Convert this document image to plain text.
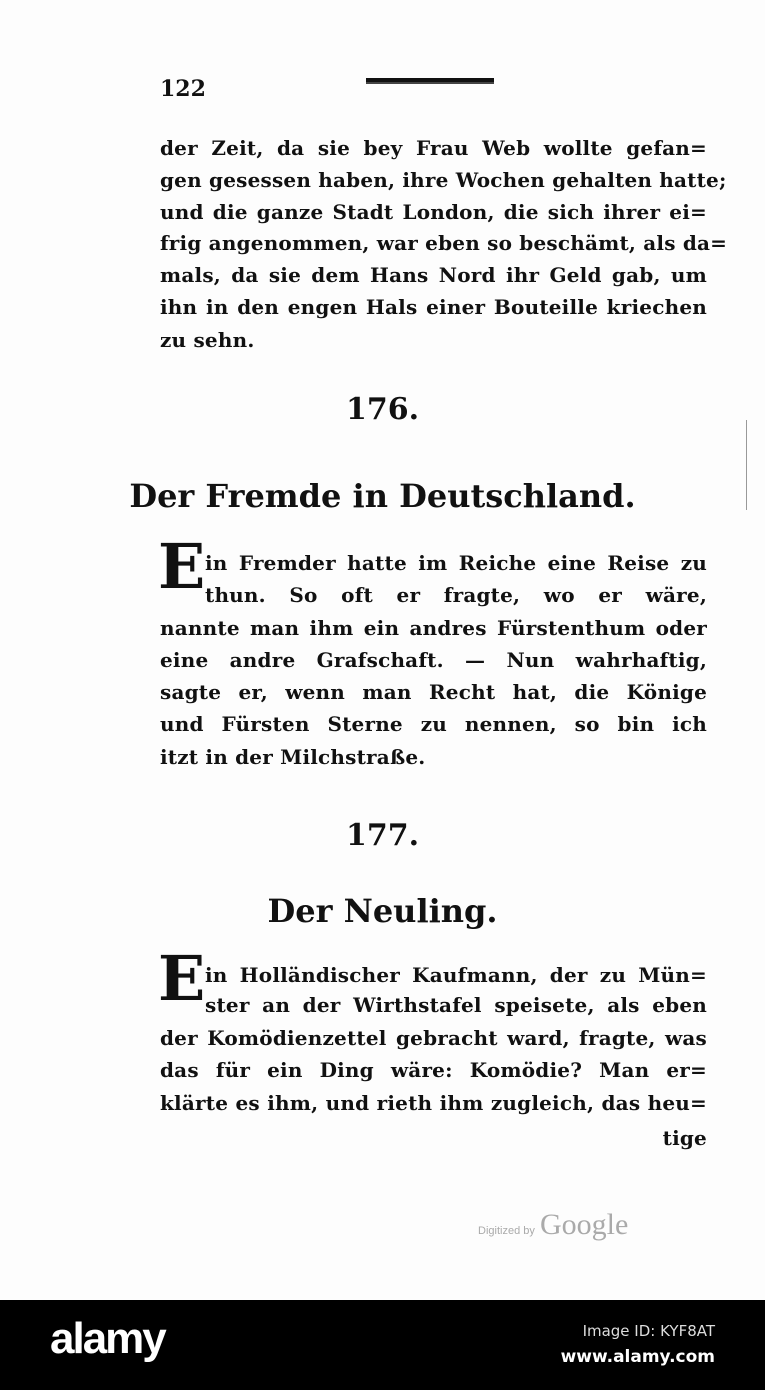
122
der Zeit, da sie bey Frau Web wollte gefan=
gen gesessen haben, ihre Wochen gehalten hatte;
und die ganze Stadt London, die sich ihrer ei=
frig angenommen, war eben so beschämt, als da=
mals, da sie dem Hans Nord ihr Geld gab, um
ihn in den engen Hals einer Bouteille kriechen
zu sehn.
176.
Der Fremde in Deutschland.
E in Fremder hatte im Reiche eine Reise zu
thun. So oft er fragte, wo er wäre,
nannte man ihm ein andres Fürstenthum oder
eine andre Grafschaft. — Nun wahrhaftig,
sagte er, wenn man Recht hat, die Könige
und Fürsten Sterne zu nennen, so bin ich
itzt in der Milchstraße.
177.
Der Neuling.
E in Holländischer Kaufmann, der zu Mün=
ster an der Wirthstafel speisete, als eben
der Komödienzettel gebracht ward, fragte, was
das für ein Ding wäre: Komödie? Man er=
klärte es ihm, und rieth ihm zugleich, das heu=
tige
Digitized by Google
alamy	Image ID: KYF8AT
www.alamy.com
